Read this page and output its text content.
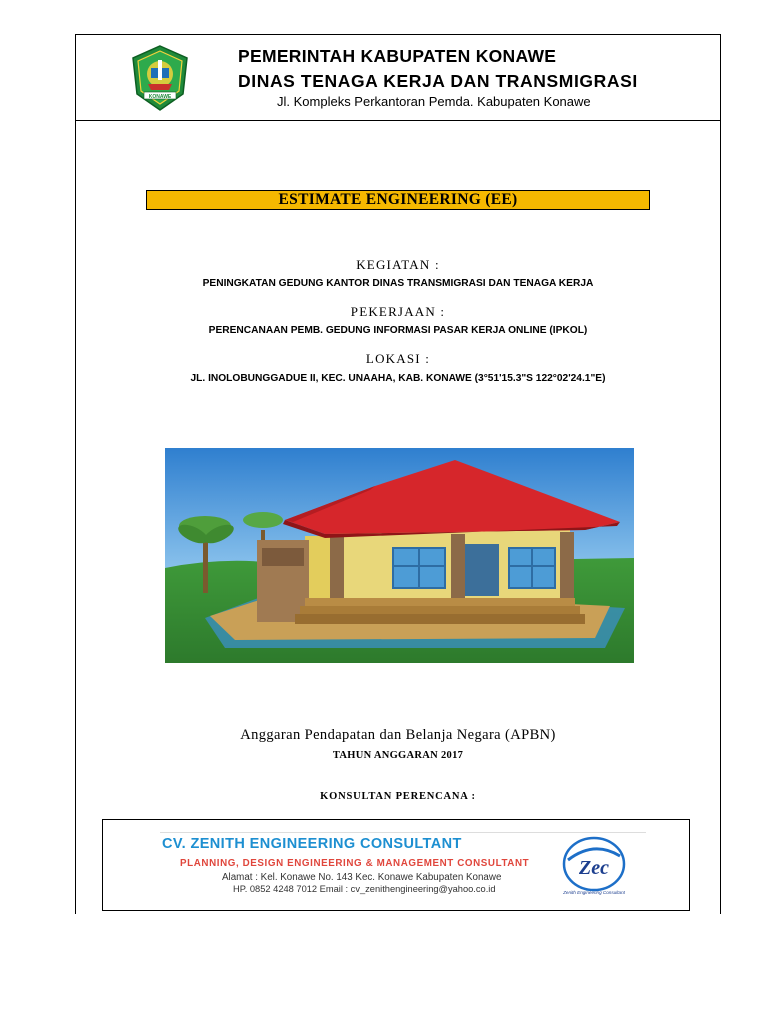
KONAWE
PEMERINTAH KABUPATEN KONAWE
DINAS TENAGA KERJA DAN TRANSMIGRASI
Jl. Kompleks Perkantoran Pemda. Kabupaten Konawe
ESTIMATE ENGINEERING (EE)
KEGIATAN :
PENINGKATAN GEDUNG KANTOR DINAS TRANSMIGRASI DAN TENAGA KERJA
PEKERJAAN :
PERENCANAAN PEMB. GEDUNG INFORMASI PASAR KERJA ONLINE (IPKOL)
LOKASI :
JL. INOLOBUNGGADUE II, KEC. UNAAHA, KAB. KONAWE (3°51'15.3"S 122°02'24.1"E)
Anggaran Pendapatan dan Belanja Negara (APBN)
TAHUN ANGGARAN 2017
KONSULTAN PERENCANA :
CV. ZENITH ENGINEERING CONSULTANT
PLANNING, DESIGN ENGINEERING & MANAGEMENT CONSULTANT
Alamat : Kel. Konawe No. 143 Kec. Konawe Kabupaten Konawe
HP. 0852 4248 7012 Email : cv_zenithengineering@yahoo.co.id
Zec
Zenith Engineering Consultant
